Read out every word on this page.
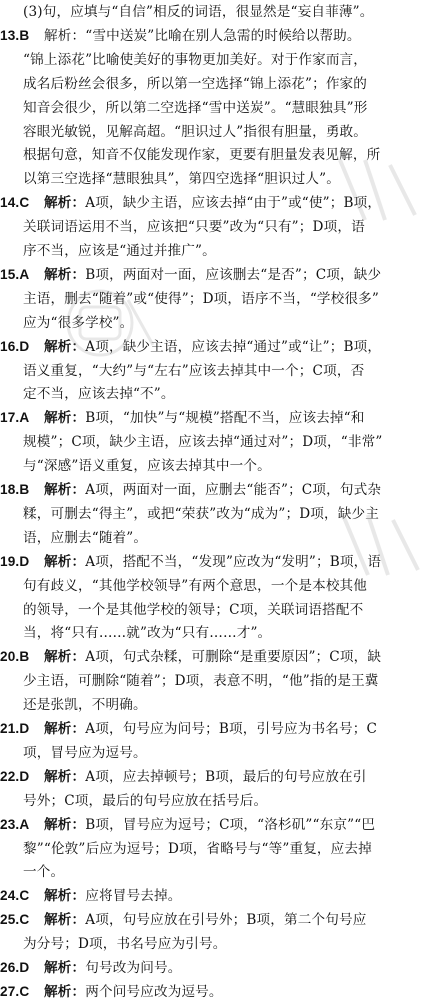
(3)句，应填与“自信”相反的词语，很显然是“妄自菲薄”。
13.B 解析：“雪中送炭”比喻在别人急需的时候给以帮助。
“锦上添花”比喻使美好的事物更加美好。对于作家而言，
成名后粉丝会很多，所以第一空选择“锦上添花”；作家的
知音会很少，所以第二空选择“雪中送炭”。“慧眼独具”形
容眼光敏锐，见解高超。“胆识过人”指很有胆量，勇敢。
根据句意，知音不仅能发现作家，更要有胆量发表见解，所
以第三空选择“慧眼独具”，第四空选择“胆识过人”。
14.C 解析：A项，缺少主语，应该去掉“由于”或“使”；B项，
关联词语运用不当，应该把“只要”改为“只有”；D项，语
序不当，应该是“通过并推广”。
15.A 解析：B项，两面对一面，应该删去“是否”；C项，缺少
主语，删去“随着”或“使得”；D项，语序不当，“学校很多”
应为“很多学校”。
16.D 解析：A项，缺少主语，应该去掉“通过”或“让”；B项，
语义重复，“大约”与“左右”应该去掉其中一个；C项，否
定不当，应该去掉“不”。
17.A 解析：B项，“加快”与“规模”搭配不当，应该去掉“和
规模”；C项，缺少主语，应该去掉“通过对”；D项，“非常”
与“深感”语义重复，应该去掉其中一个。
18.B 解析：A项，两面对一面，应删去“能否”；C项，句式杂
糅，可删去“得主”，或把“荣获”改为“成为”；D项，缺少主
语，应删去“随着”。
19.D 解析：A项，搭配不当，“发现”应改为“发明”；B项，语
句有歧义，“其他学校领导”有两个意思，一个是本校其他
的领导，一个是其他学校的领导；C项，关联词语搭配不
当，将“只有……就”改为“只有……才”。
20.B 解析：A项，句式杂糅，可删除“是重要原因”；C项，缺
少主语，可删除“随着”；D项，表意不明，“他”指的是王冀
还是张凯，不明确。
21.D 解析：A项，句号应为问号；B项，引号应为书名号；C
项，冒号应为逗号。
22.D 解析：A项，应去掉顿号；B项，最后的句号应放在引
号外；C项，最后的句号应放在括号后。
23.A 解析：B项，冒号应为逗号；C项，“洛杉矶”“东京”“巴
黎”“伦敦”后应为逗号；D项，省略号与“等”重复，应去掉
一个。
24.C 解析：应将冒号去掉。
25.C 解析：A项，句号应放在引号外；B项，第二个句号应
为分号；D项，书名号应为引号。
26.D 解析：句号改为问号。
27.C 解析：两个问号应改为逗号。
